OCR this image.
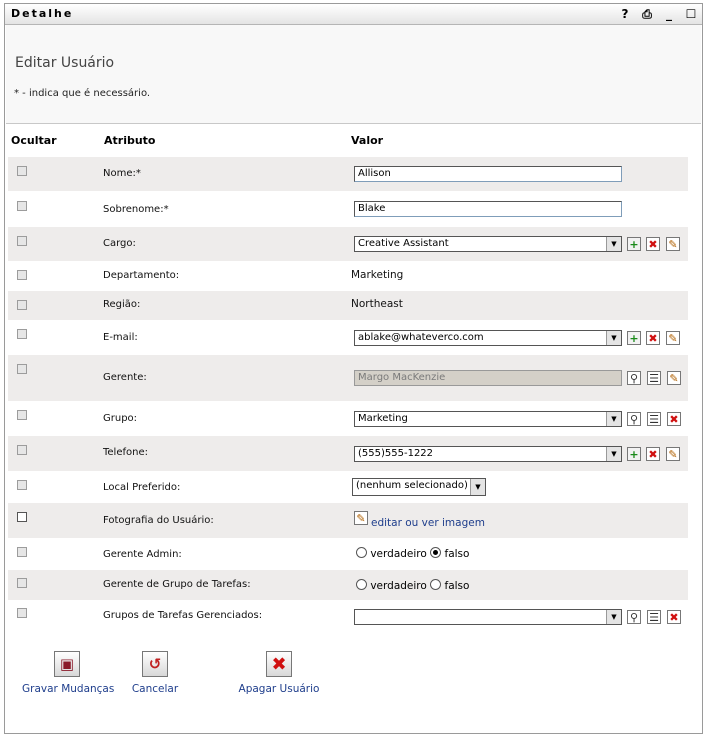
Detalhe	? ⎙	_	☐
Editar Usuário
* - indica que é necessário.
Ocultar	Atributo	Valor
Nome:*	Allison
Sobrenome:*	Blake
Cargo:	Creative Assistant	▼	+ ✖ ✎
Departamento:	Marketing
Região:	Northeast
E-mail:	ablake@whateverco.com	▼	+ ✖ ✎
Gerente:	Margo MacKenzie	⚲ ☰ ✎
Grupo:	Marketing	▼	⚲ ☰ ✖
Telefone:	(555)555-1222	▼	+ ✖ ✎
Local Preferido:	(nenhum selecionado)	▼
Fotografia do Usuário:	✎ editar ou ver imagem
Gerente Admin:	verdadeiro falso
Gerente de Grupo de Tarefas:	verdadeiro falso
Grupos de Tarefas Gerenciados:	▼	⚲ ☰ ✖
▣
Gravar Mudanças
↺
Cancelar
✖
Apagar Usuário
